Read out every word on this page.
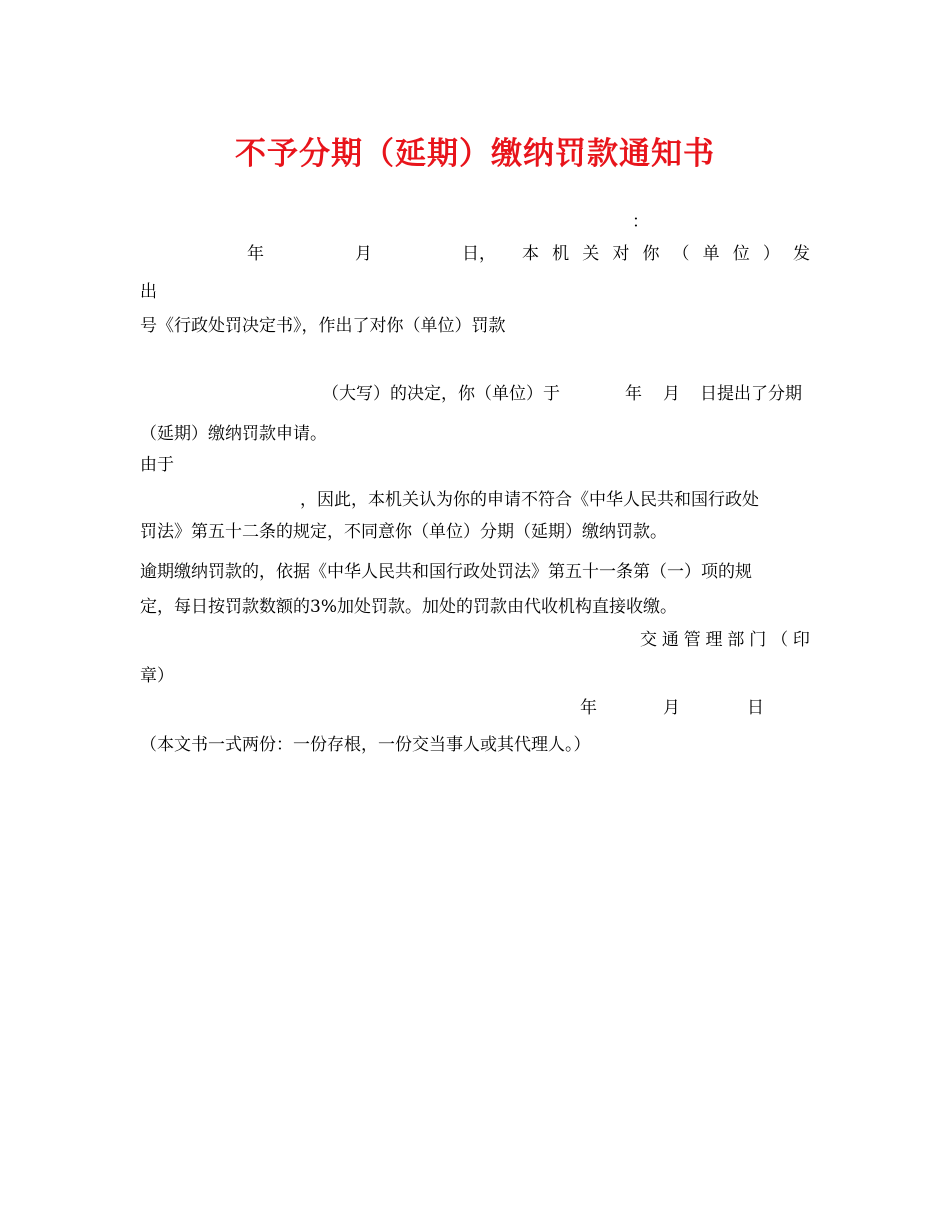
不予分期（延期）缴纳罚款通知书
：
年	月	日， 本 机 关 对 你 （ 单 位 ） 发
出
号《行政处罚决定书》，作出了对你（单位）罚款
（大写）的决定，你（单位）于	年 月 日提出了分期
（延期）缴纳罚款申请。
由于
，因此，本机关认为你的申请不符合《中华人民共和国行政处
罚法》第五十二条的规定，不同意你（单位）分期（延期）缴纳罚款。
逾期缴纳罚款的，依据《中华人民共和国行政处罚法》第五十一条第（一）项的规
定，每日按罚款数额的3%加处罚款。加处的罚款由代收机构直接收缴。
交 通 管 理 部 门 （ 印
章）
年	月	日
（本文书一式两份：一份存根，一份交当事人或其代理人。）
